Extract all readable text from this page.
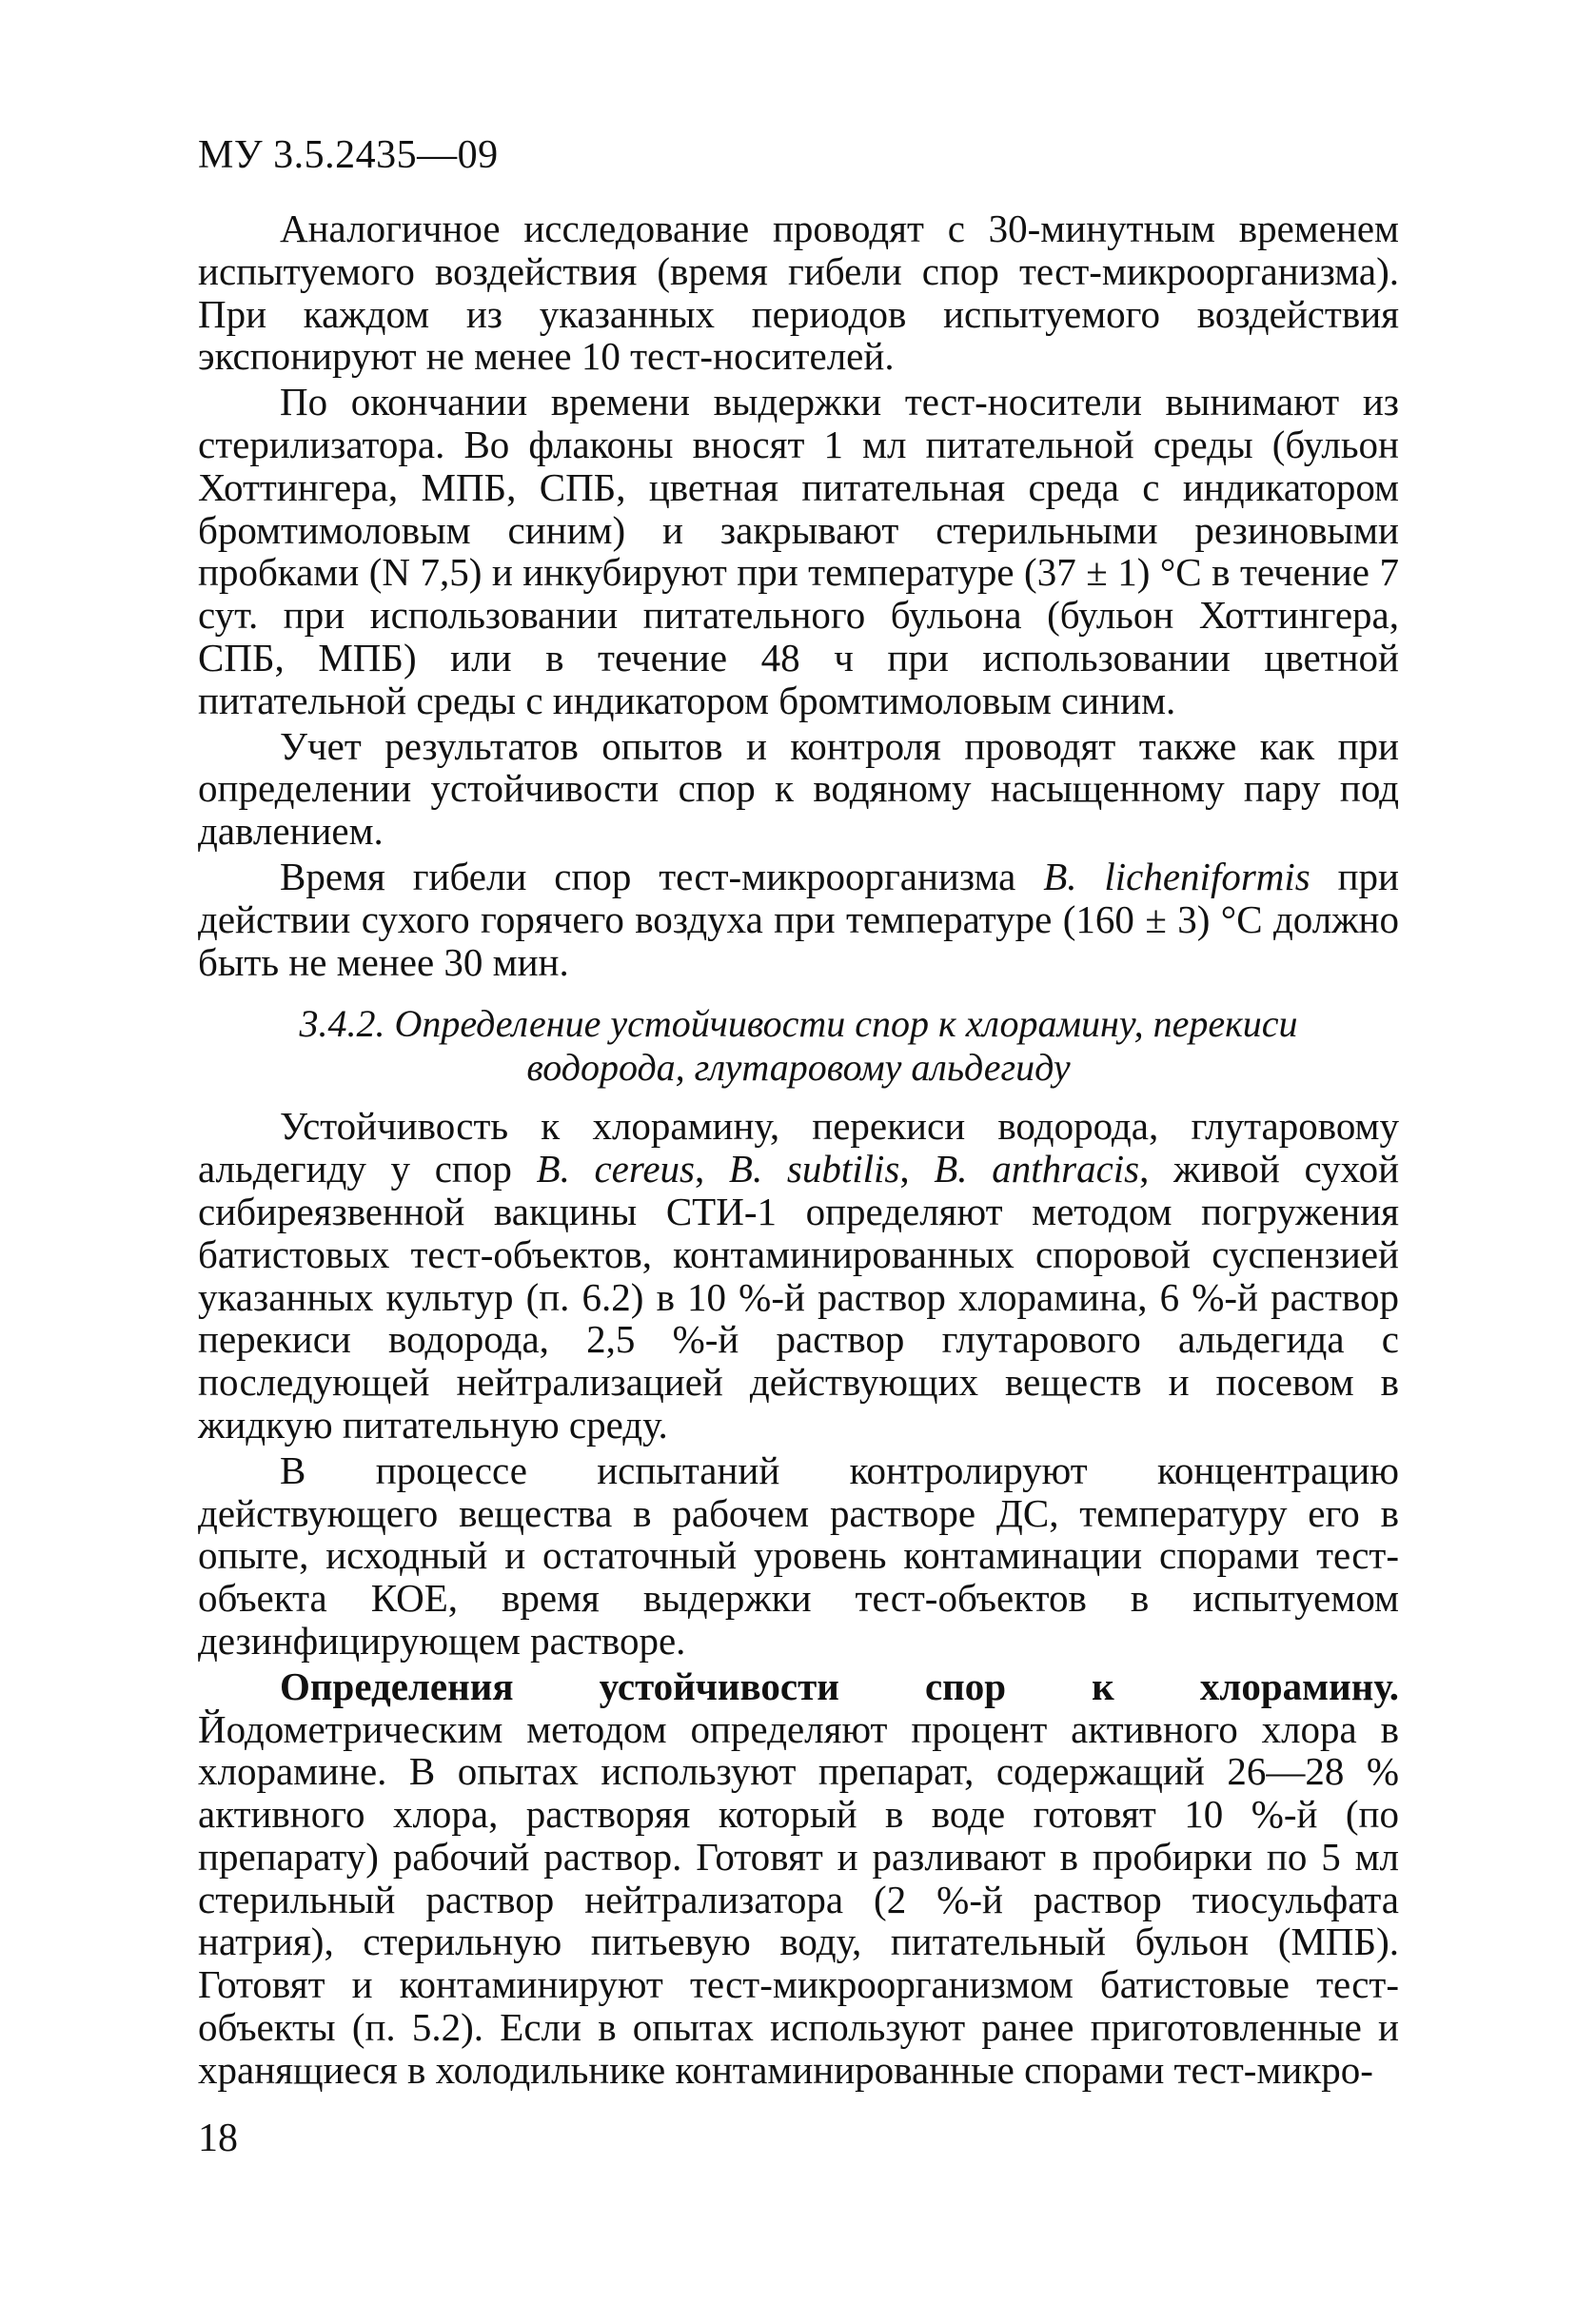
МУ 3.5.2435—09

Аналогичное исследование проводят с 30-минутным временем испытуемого воздействия (время гибели спор тест-микроорганизма). При каждом из указанных периодов испытуемого воздействия экспонируют не менее 10 тест-носителей.

По окончании времени выдержки тест-носители вынимают из стерилизатора. Во флаконы вносят 1 мл питательной среды (бульон Хоттингера, МПБ, СПБ, цветная питательная среда с индикатором бромтимоловым синим) и закрывают стерильными резиновыми пробками (N 7,5) и инкубируют при температуре (37 ± 1) °С в течение 7 сут. при использовании питательного бульона (бульон Хоттингера, СПБ, МПБ) или в течение 48 ч при использовании цветной питательной среды с индикатором бромтимоловым синим.

Учет результатов опытов и контроля проводят также как при определении устойчивости спор к водяному насыщенному пару под давлением.

Время гибели спор тест-микроорганизма B. licheniformis при действии сухого горячего воздуха при температуре (160 ± 3) °С должно быть не менее 30 мин.

3.4.2. Определение устойчивости спор к хлорамину, перекиси
водорода, глутаровому альдегиду

Устойчивость к хлорамину, перекиси водорода, глутаровому альдегиду у спор B. cereus, B. subtilis, B. anthracis, живой сухой сибиреязвенной вакцины СТИ-1 определяют методом погружения батистовых тест-объектов, контаминированных споровой суспензией указанных культур (п. 6.2) в 10 %-й раствор хлорамина, 6 %-й раствор перекиси водорода, 2,5 %-й раствор глутарового альдегида с последующей нейтрализацией действующих веществ и посевом в жидкую питательную среду.

В процессе испытаний контролируют концентрацию действующего вещества в рабочем растворе ДС, температуру его в опыте, исходный и остаточный уровень контаминации спорами тест-объекта КОЕ, время выдержки тест-объектов в испытуемом дезинфицирующем растворе.

Определения устойчивости спор к хлорамину. Йодометрическим методом определяют процент активного хлора в хлорамине. В опытах используют препарат, содержащий 26—28 % активного хлора, растворяя который в воде готовят 10 %-й (по препарату) рабочий раствор. Готовят и разливают в пробирки по 5 мл стерильный раствор нейтрализатора (2 %-й раствор тиосульфата натрия), стерильную питьевую воду, питательный бульон (МПБ). Готовят и контаминируют тест-микроорганизмом батистовые тест-объекты (п. 5.2). Если в опытах используют ранее приготовленные и хранящиеся в холодильнике контаминированные спорами тест-микро-

18
